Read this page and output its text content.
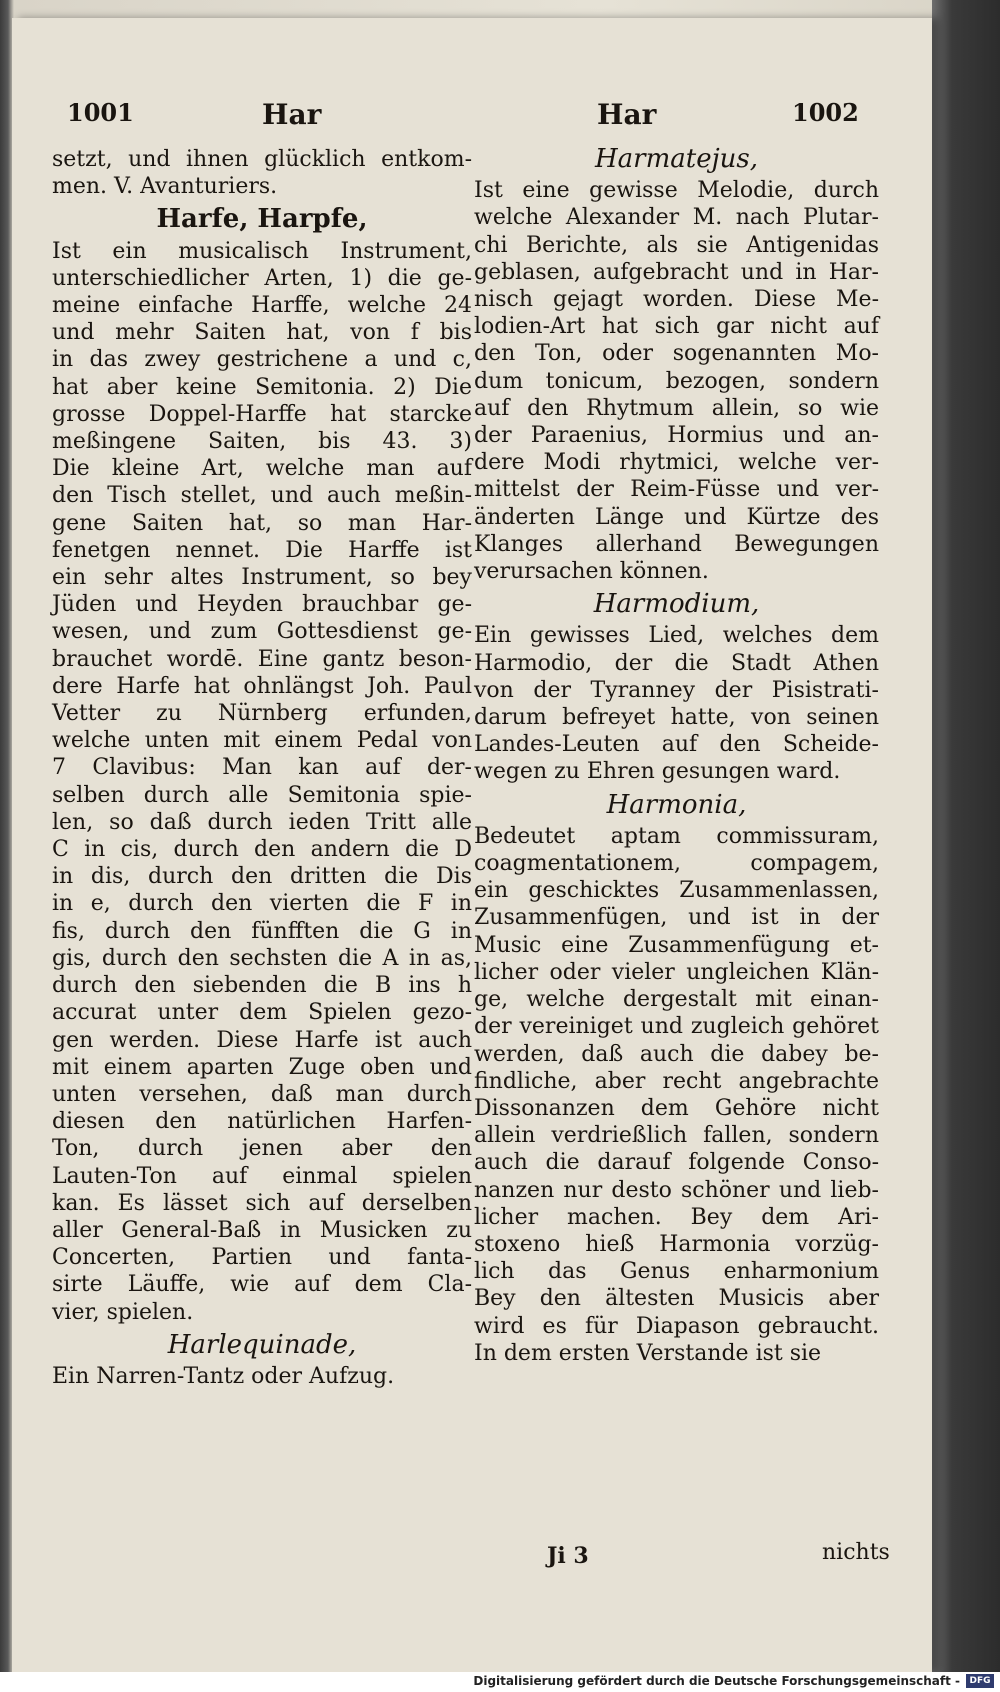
1001	Har	Har	1002
setzt, und ihnen glücklich entkom-
men. V. Avanturiers.
Harfe, Harpfe,
Ist ein musicalisch Instrument,
unterschiedlicher Arten, 1) die ge-
meine einfache Harffe, welche 24
und mehr Saiten hat, von f bis
in das zwey gestrichene a und c,
hat aber keine Semitonia. 2) Die
grosse Doppel-Harffe hat starcke
meßingene Saiten, bis 43. 3)
Die kleine Art, welche man auf
den Tisch stellet, und auch meßin-
gene Saiten hat, so man Har-
fenetgen nennet. Die Harffe ist
ein sehr altes Instrument, so bey
Jüden und Heyden brauchbar ge-
wesen, und zum Gottesdienst ge-
brauchet wordē. Eine gantz beson-
dere Harfe hat ohnlängst Joh. Paul
Vetter zu Nürnberg erfunden,
welche unten mit einem Pedal von
7 Clavibus: Man kan auf der-
selben durch alle Semitonia spie-
len, so daß durch ieden Tritt alle
C in cis, durch den andern die D
in dis, durch den dritten die Dis
in e, durch den vierten die F in
fis, durch den fünfften die G in
gis, durch den sechsten die A in as,
durch den siebenden die B ins h
accurat unter dem Spielen gezo-
gen werden. Diese Harfe ist auch
mit einem aparten Zuge oben und
unten versehen, daß man durch
diesen den natürlichen Harfen-
Ton, durch jenen aber den
Lauten-Ton auf einmal spielen
kan. Es lässet sich auf derselben
aller General-Baß in Musicken zu
Concerten, Partien und fanta-
sirte Läuffe, wie auf dem Cla-
vier, spielen.
Harlequinade,
Ein Narren-Tantz oder Aufzug.
Harmatejus,
Ist eine gewisse Melodie, durch
welche Alexander M. nach Plutar-
chi Berichte, als sie Antigenidas
geblasen, aufgebracht und in Har-
nisch gejagt worden. Diese Me-
lodien-Art hat sich gar nicht auf
den Ton, oder sogenannten Mo-
dum tonicum, bezogen, sondern
auf den Rhytmum allein, so wie
der Paraenius, Hormius und an-
dere Modi rhytmici, welche ver-
mittelst der Reim-Füsse und ver-
änderten Länge und Kürtze des
Klanges allerhand Bewegungen
verursachen können.
Harmodium,
Ein gewisses Lied, welches dem
Harmodio, der die Stadt Athen
von der Tyranney der Pisistrati-
darum befreyet hatte, von seinen
Landes-Leuten auf den Scheide-
wegen zu Ehren gesungen ward.
Harmonia,
Bedeutet aptam commissuram,
coagmentationem, compagem,
ein geschicktes Zusammenlassen,
Zusammenfügen, und ist in der
Music eine Zusammenfügung et-
licher oder vieler ungleichen Klän-
ge, welche dergestalt mit einan-
der vereiniget und zugleich gehöret
werden, daß auch die dabey be-
findliche, aber recht angebrachte
Dissonanzen dem Gehöre nicht
allein verdrießlich fallen, sondern
auch die darauf folgende Conso-
nanzen nur desto schöner und lieb-
licher machen. Bey dem Ari-
stoxeno hieß Harmonia vorzüg-
lich das Genus enharmonium
Bey den ältesten Musicis aber
wird es für Diapason gebraucht.
In dem ersten Verstande ist sie
Ji 3	nichts
Digitalisierung gefördert durch die Deutsche Forschungsgemeinschaft -	DFG
